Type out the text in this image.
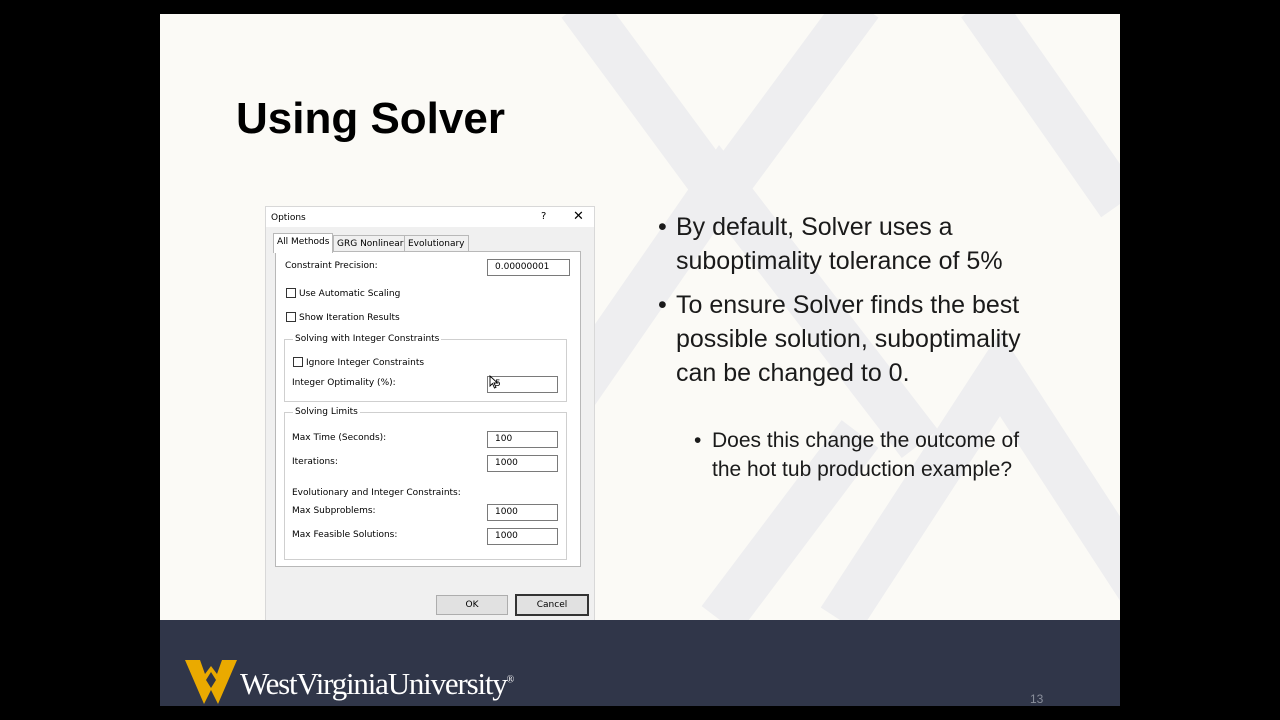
Using Solver
Options	? ✕
All Methods GRG Nonlinear Evolutionary
Constraint Precision:	0.00000001
Use Automatic Scaling
Show Iteration Results
Solving with Integer Constraints
Ignore Integer Constraints
Integer Optimality (%):	5
Solving Limits
Max Time (Seconds):	100
Iterations:	1000
Evolutionary and Integer Constraints:
Max Subproblems:	1000
Max Feasible Solutions:	1000
OK	Cancel
• By default, Solver uses a suboptimality tolerance of 5%
• To ensure Solver finds the best possible solution, suboptimality can be changed to 0.
• Does this change the outcome of the hot tub production example?
WestVirginiaUniversity®
13
